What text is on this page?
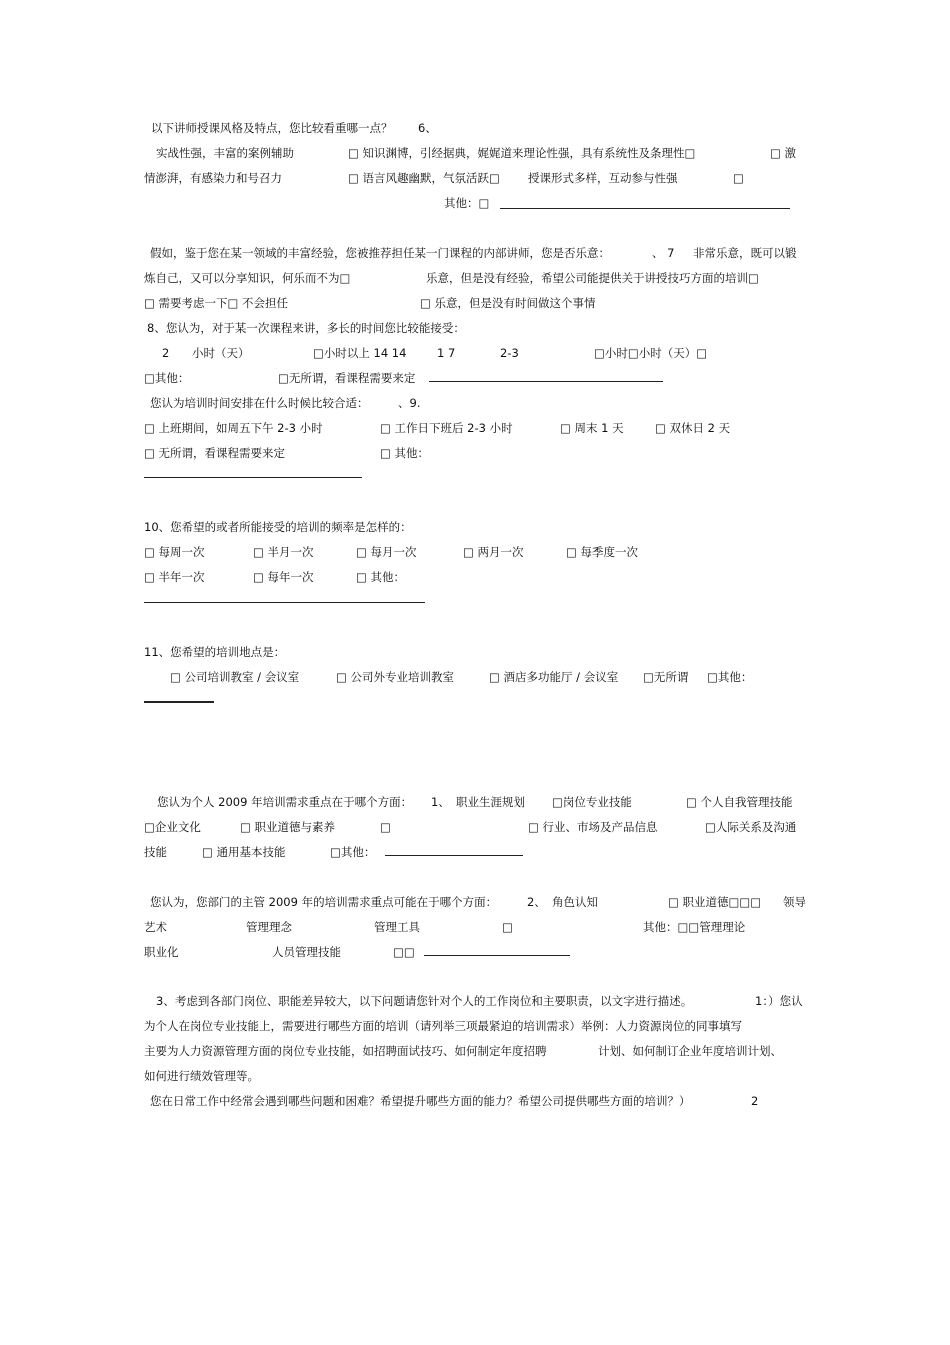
以下讲师授课风格及特点，您比较看重哪一点？ 6、
实战性强，丰富的案例辅助	□ 知识渊博，引经据典，娓娓道来理论性强，具有系统性及条理性□	□ 激
情澎湃，有感染力和号召力	□ 语言风趣幽默，气氛活跃□ 授课形式多样，互动参与性强	□
其他：□
假如，鉴于您在某一领域的丰富经验，您被推荐担任某一门课程的内部讲师，您是否乐意：	、 7 非常乐意，既可以锻
炼自己，又可以分享知识，何乐而不为□	乐意，但是没有经验，希望公司能提供关于讲授技巧方面的培训□
□ 需要考虑一下□ 不会担任	□ 乐意，但是没有时间做这个事情
8、您认为，对于某一次课程来讲，多长的时间您比较能接受：
2 小时（天）	□小时以上 14 14	1 7	2-3	□小时□小时（天）□
□其他：	□无所谓，看课程需要来定
您认为培训时间安排在什么时候比较合适：	、9.
□ 上班期间，如周五下午 2-3 小时	□ 工作日下班后 2-3 小时	□ 周末 1 天	□ 双休日 2 天
□ 无所谓，看课程需要来定	□ 其他：
10、您希望的或者所能接受的培训的频率是怎样的：
□ 每周一次	□ 半月一次	□ 每月一次	□ 两月一次	□ 每季度一次
□ 半年一次	□ 每年一次	□ 其他：
11、您希望的培训地点是：
□ 公司培训教室 / 会议室	□ 公司外专业培训教室	□ 酒店多功能厅 / 会议室 □无所谓 □其他：
您认为个人 2009 年培训需求重点在于哪个方面： 1、 职业生涯规划 □岗位专业技能	□ 个人自我管理技能
□企业文化	□ 职业道德与素养	□	□ 行业、市场及产品信息	□人际关系及沟通
技能	□ 通用基本技能	□其他：
您认为，您部门的主管 2009 年的培训需求重点可能在于哪个方面：	2、 角色认知	□ 职业道德□□□ 领导
艺术	管理理念	管理工具	□	其他：□□管理理论
职业化	人员管理技能	□□
3、考虑到各部门岗位、职能差异较大，以下问题请您针对个人的工作岗位和主要职责，以文字进行描述。	1：）您认
为个人在岗位专业技能上，需要进行哪些方面的培训（请列举三项最紧迫的培训需求）举例：人力资源岗位的同事填写
主要为人力资源管理方面的岗位专业技能，如招聘面试技巧、如何制定年度招聘	计划、如何制订企业年度培训计划、
如何进行绩效管理等。
您在日常工作中经常会遇到哪些问题和困难？希望提升哪些方面的能力？希望公司提供哪些方面的培训？）	2
